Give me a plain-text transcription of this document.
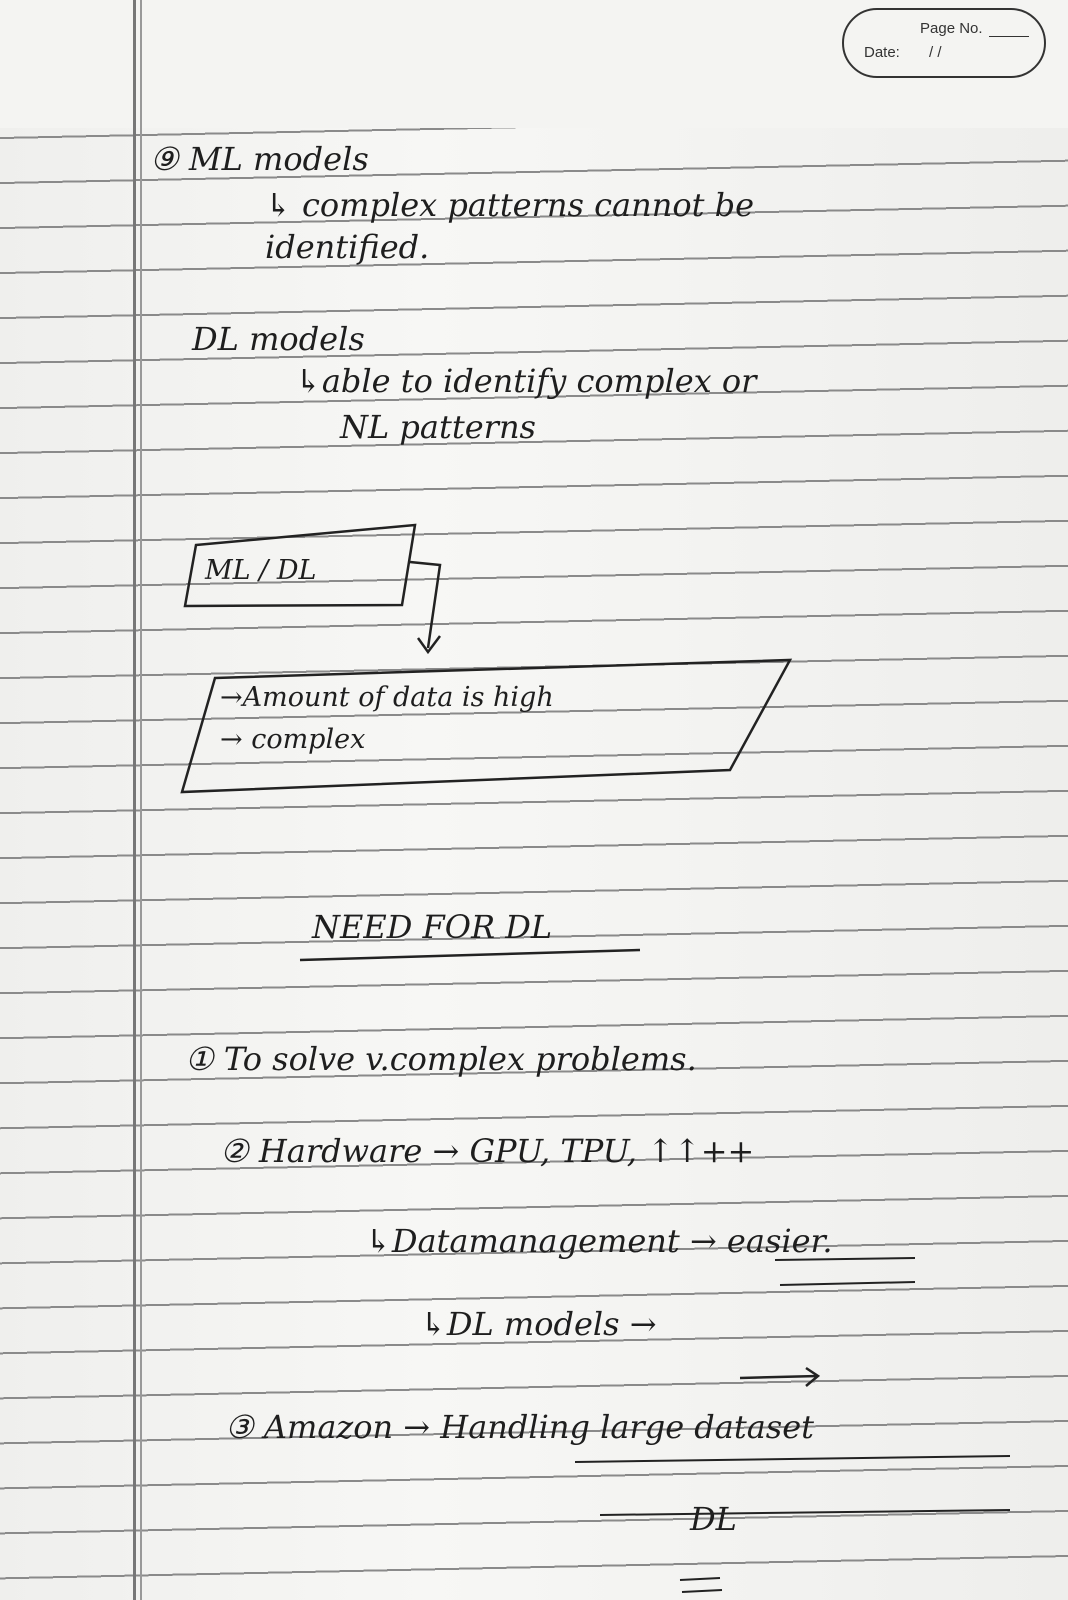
Page No.
Date: / /
⑨ ML models
↳ complex patterns cannot be
identified.
DL models
↳able to identify complex or
NL patterns
ML / DL
→Amount of data is high
→ complex
NEED FOR DL
① To solve v.complex problems.
② Hardware → GPU, TPU, ↑↑++
↳Datamanagement → easier.
↳DL models →
③ Amazon → Handling large dataset
DL
